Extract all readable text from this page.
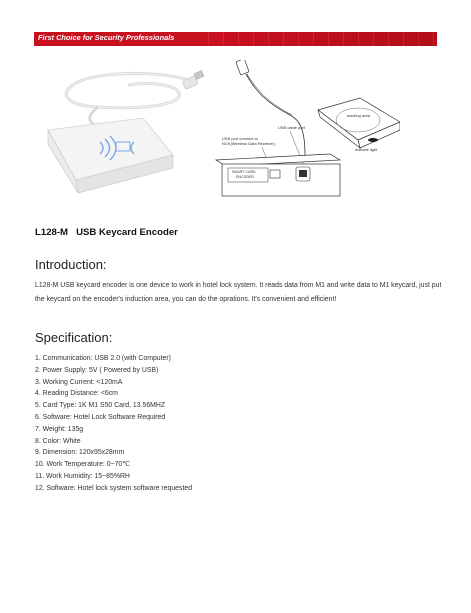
First Choice for Security Professionals
working area
indicate light
USB cable port
USB port connect to
NCK(Wireless Data Receiver)
SMART CARD
ENCODER
L128-M USB Keycard Encoder
Introduction:
L128-M USB keycard encoder is one device to work in hotel lock system. It reads data from M1 and write data to M1 keycard, just put the keycard on the encoder's induction area, you can do the oprations. It's convenient and efficient!
Specification:
1. Communication: USB 2.0 (with Computer)
2. Power Supply: 5V ( Powered by USB)
3. Working Current: <120mA
4. Reading Distance: <6cm
5. Card Type: 1K M1 S50 Card, 13.56MHZ
6. Software: Hotel Lock Software Required
7. Weight: 135g
8. Color: White
9. Dimension: 120x95x28mm
10. Work Temperature: 0~70℃
11. Work Humidity: 15~85%RH
12. Software: Hotel lock system software requested
